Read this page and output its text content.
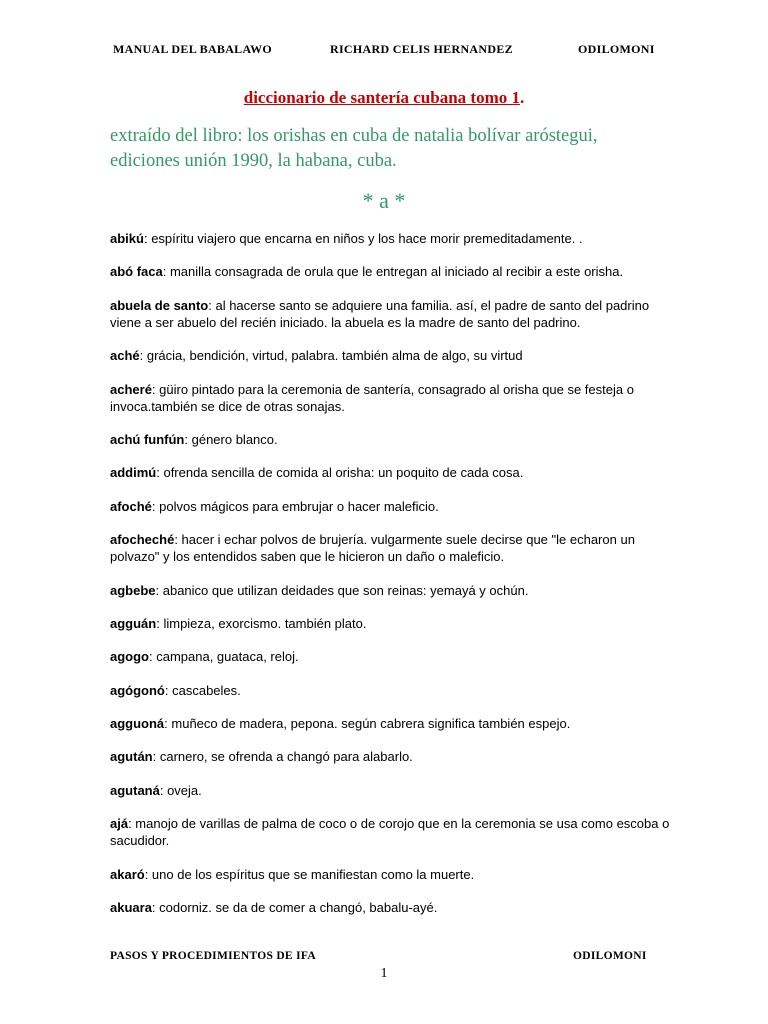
MANUAL DEL BABALAWO	RICHARD CELIS HERNANDEZ	ODILOMONI
diccionario de santería cubana tomo 1.
extraído del libro: los orishas en cuba de natalia bolívar aróstegui, ediciones unión 1990, la habana, cuba.
* a *
abikú: espíritu viajero que encarna en niños y los hace morir premeditadamente. .
abó faca: manilla consagrada de orula que le entregan al iniciado al recibir a este orisha.
abuela de santo: al hacerse santo se adquiere una familia. así, el padre de santo del padrino viene a ser abuelo del recién iniciado. la abuela es la madre de santo del padrino.
aché: grácia, bendición, virtud, palabra. también alma de algo, su virtud
acheré: güiro pintado para la ceremonia de santería, consagrado al orisha que se festeja o invoca.también se dice de otras sonajas.
achú funfún: género blanco.
addimú: ofrenda sencilla de comida al orisha: un poquito de cada cosa.
afoché: polvos mágicos para embrujar o hacer maleficio.
afocheché: hacer i echar polvos de brujería. vulgarmente suele decirse que "le echaron un polvazo" y los entendidos saben que le hicieron un daño o maleficio.
agbebe: abanico que utilizan deidades que son reinas: yemayá y ochún.
agguán: limpieza, exorcismo. también plato.
agogo: campana, guataca, reloj.
agógonó: cascabeles.
agguoná: muñeco de madera, pepona. según cabrera significa también espejo.
agután: carnero, se ofrenda a changó para alabarlo.
agutaná: oveja.
ajá: manojo de varillas de palma de coco o de corojo que en la ceremonia se usa como escoba o sacudidor.
akaró: uno de los espíritus que se manifiestan como la muerte.
akuara: codorniz. se da de comer a changó, babalu-ayé.
PASOS Y PROCEDIMIENTOS DE IFA	ODILOMONI
1
